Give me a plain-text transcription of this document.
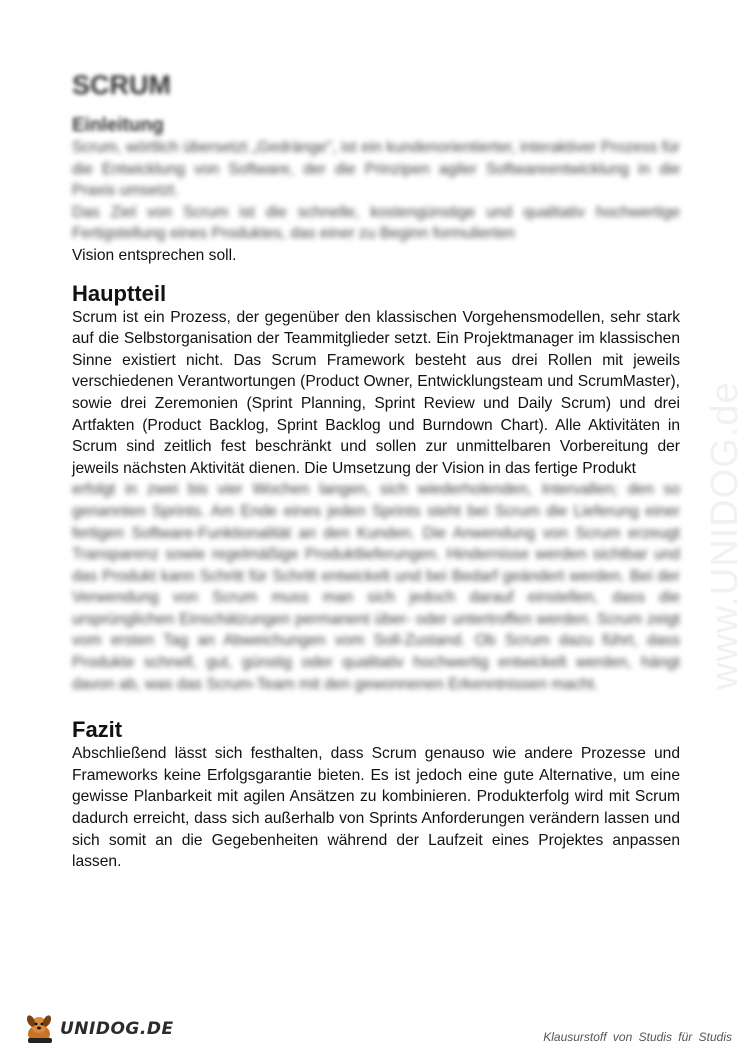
www.UNIDOG.de
SCRUM
Einleitung

Scrum, wörtlich übersetzt „Gedränge", ist ein kundenorientierter, interaktiver Prozess für die Entwicklung von Software, der die Prinzipen agiler Softwareentwicklung in die Praxis umsetzt.

Das Ziel von Scrum ist die schnelle, kostengünstige und qualitativ hochwertige Fertigstellung eines Produktes, das einer zu Beginn formulierten

Vision entsprechen soll.

Hauptteil

Scrum ist ein Prozess, der gegenüber den klassischen Vorgehensmodellen, sehr stark auf die Selbstorganisation der Teammitglieder setzt. Ein Projektmanager im klassischen Sinne existiert nicht. Das Scrum Framework besteht aus drei Rollen mit jeweils verschiedenen Verantwortungen (Product Owner, Entwicklungsteam und ScrumMaster), sowie drei Zeremonien (Sprint Planning, Sprint Review und Daily Scrum) und drei Artfakten (Product Backlog, Sprint Backlog und Burndown Chart). Alle Aktivitäten in Scrum sind zeitlich fest beschränkt und sollen zur unmittelbaren Vorbereitung der jeweils nächsten Aktivität dienen. Die Umsetzung der Vision in das fertige Produkt

erfolgt in zwei bis vier Wochen langen, sich wiederholenden, Intervallen; den so genannten Sprints. Am Ende eines jeden Sprints steht bei Scrum die Lieferung einer fertigen Software-Funktionalität an den Kunden. Die Anwendung von Scrum erzeugt Transparenz sowie regelmäßige Produktlieferungen. Hindernisse werden sichtbar und das Produkt kann Schritt für Schritt entwickelt und bei Bedarf geändert werden. Bei der Verwendung von Scrum muss man sich jedoch darauf einstellen, dass die ursprünglichen Einschätzungen permanent über- oder untertroffen werden. Scrum zeigt vom ersten Tag an Abweichungen vom Soll-Zustand. Ob Scrum dazu führt, dass Produkte schnell, gut, günstig oder qualitativ hochwertig entwickelt werden, hängt davon ab, was das Scrum-Team mit den gewonnenen Erkenntnissen macht.

Fazit

Abschließend lässt sich festhalten, dass Scrum genauso wie andere Prozesse und Frameworks keine Erfolgsgarantie bieten. Es ist jedoch eine gute Alternative, um eine gewisse Planbarkeit mit agilen Ansätzen zu kombinieren. Produkterfolg wird mit Scrum dadurch erreicht, dass sich außerhalb von Sprints Anforderungen verändern lassen und sich somit an die Gegebenheiten während der Laufzeit eines Projektes anpassen lassen.

UNIDOG.DE	Klausurstoff von Studis für Studis
